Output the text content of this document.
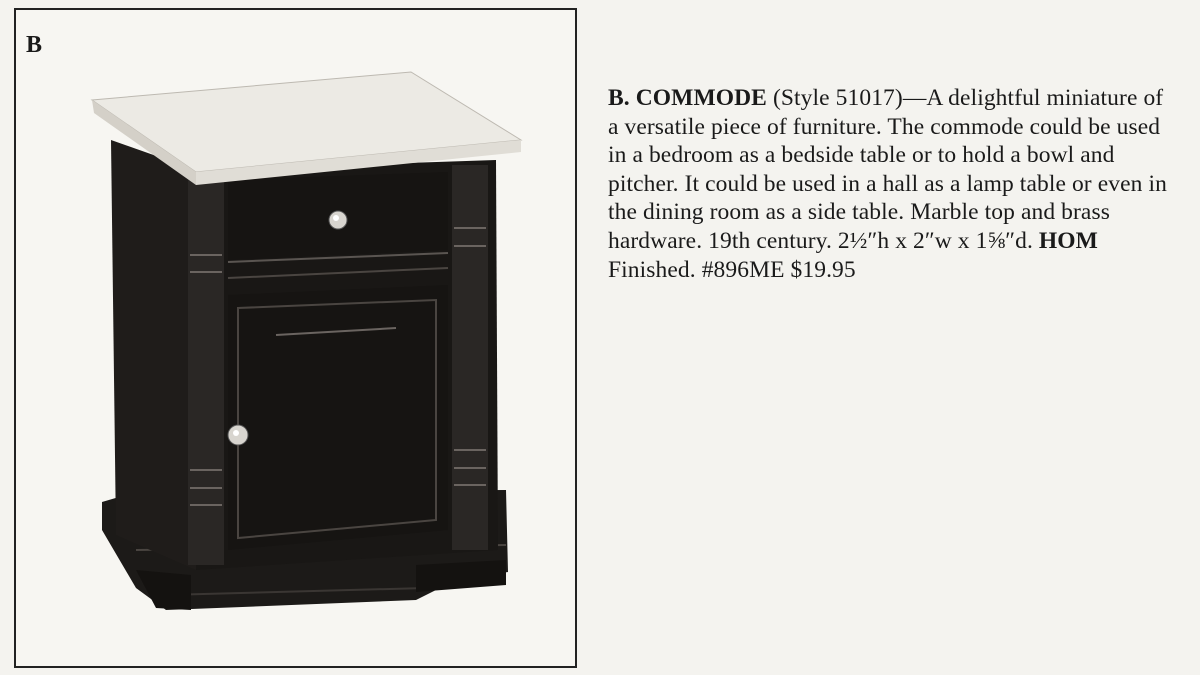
B

B. COMMODE (Style 51017)—A delightful miniature of a versatile piece of furniture. The commode could be used in a bedroom as a bedside table or to hold a bowl and pitcher. It could be used in a hall as a lamp table or even in the dining room as a side table. Marble top and brass hardware. 19th century. 2½″h x 2″w x 1⅝″d. HOM Finished. #896ME $19.95
